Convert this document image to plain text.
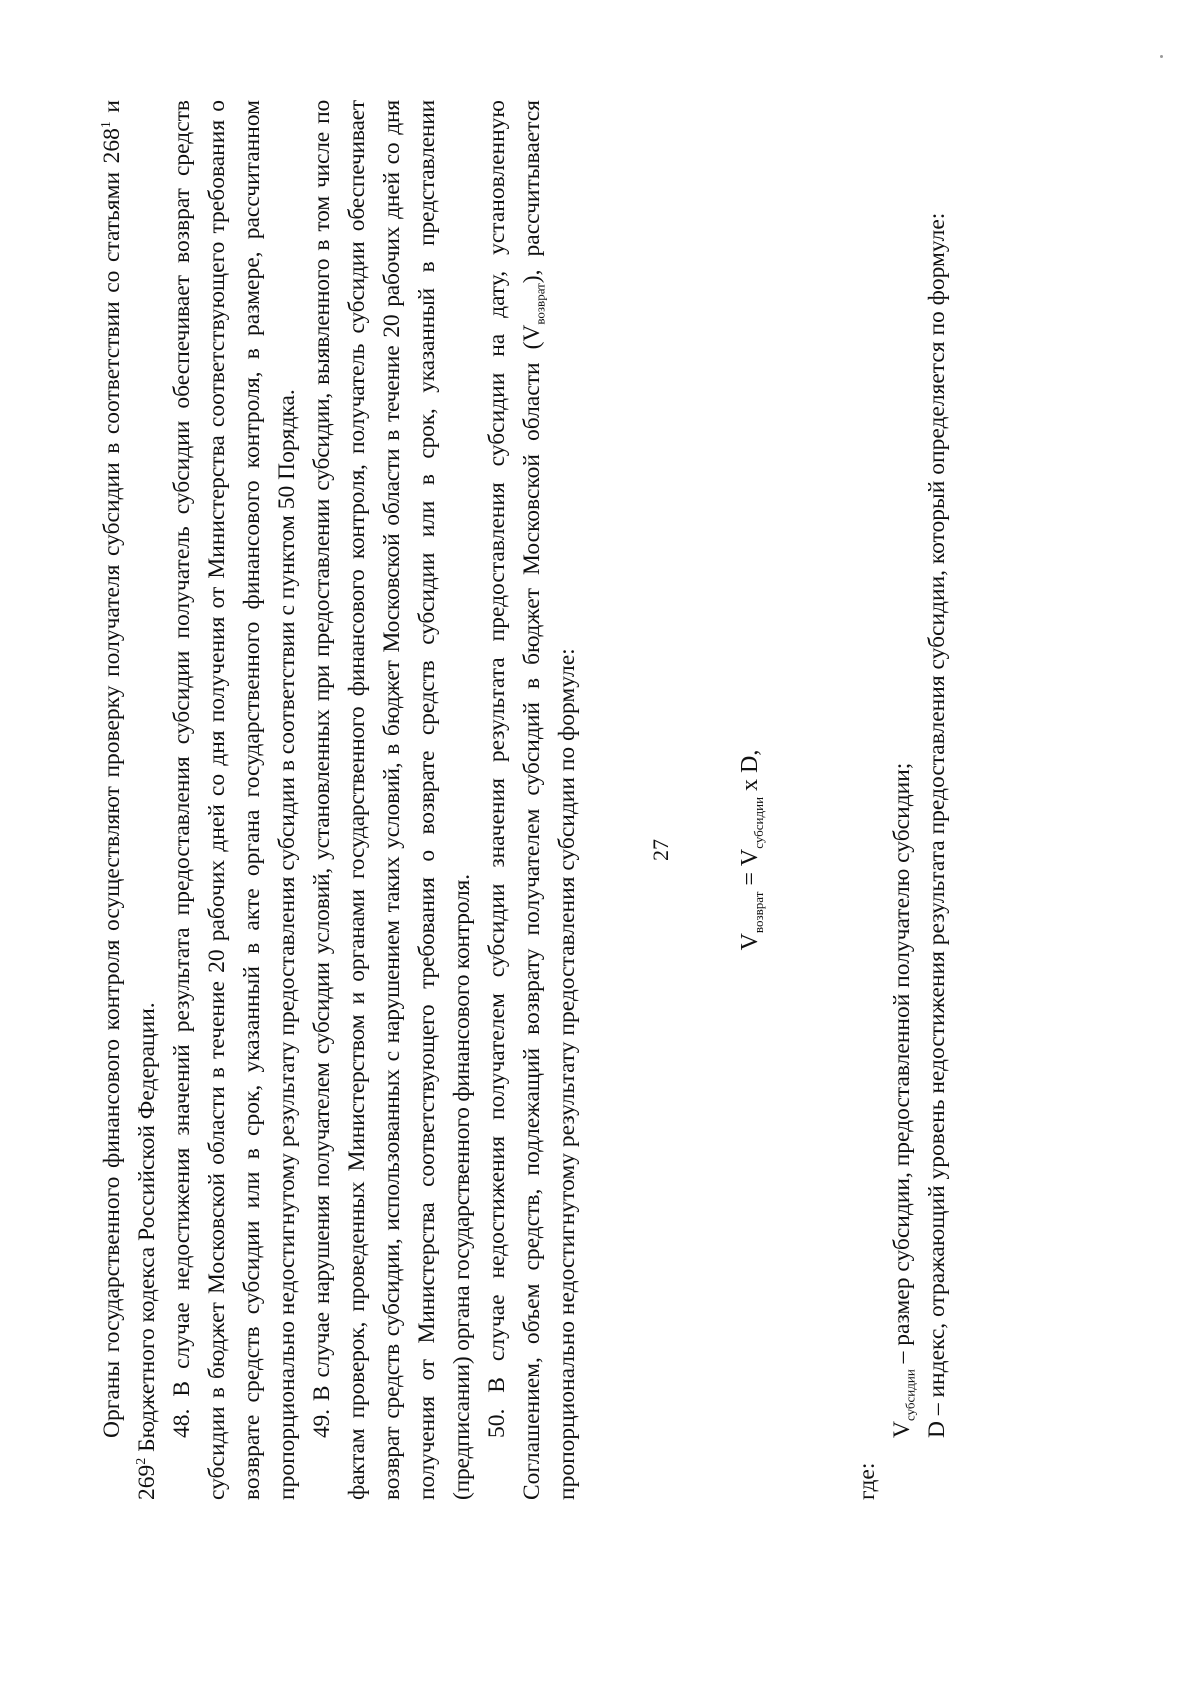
27

Органы государственного финансового контроля осуществляют проверку получателя субсидии в соответствии со статьями $268^1$ и $269^2$ Бюджетного кодекса Российской Федерации. 48. В случае недостижения значений результата предоставления субсидии получатель субсидии обеспечивает возврат средств субсидии в бюджет Московской области в течение 20 рабочих дней со дня получения от Министерства соответствующего требования о возврате средств субсидии или в срок, указанный в акте органа государственного финансового контроля, в размере, рассчитанном пропорционально недостигнутому результату предоставления субсидии в соответствии с пунктом 50 Порядка. 49. В случае нарушения получателем субсидии условий, установленных при предоставлении субсидии, выявленного в том числе по фактам проверок, проведенных Министерством и органами государственного финансового контроля, получатель субсидии обеспечивает возврат средств субсидии, использованных с нарушением таких условий, в бюджет Московской области в течение 20 рабочих дней со дня получения от Министерства соответствующего требования о возврате средств субсидии или в срок, указанный в представлении (предписании) органа государственного финансового контроля. 50. В случае недостижения получателем субсидии значения результата предоставления субсидии на дату, установленную Соглашением, объем средств, подлежащий возврату получателем субсидий в бюджет Московской области $(V_{возврат})$, рассчитывается пропорционально недостигнутому результату предоставления субсидии по формуле:	$V_{возврат} = V_{субсидии}$ x D,

где:

$V_{субсидии}$ – размер субсидии, предоставленной получателю субсидии; D – индекс, отражающий уровень недостижения результата предоставления субсидии, который определяется по формуле:
